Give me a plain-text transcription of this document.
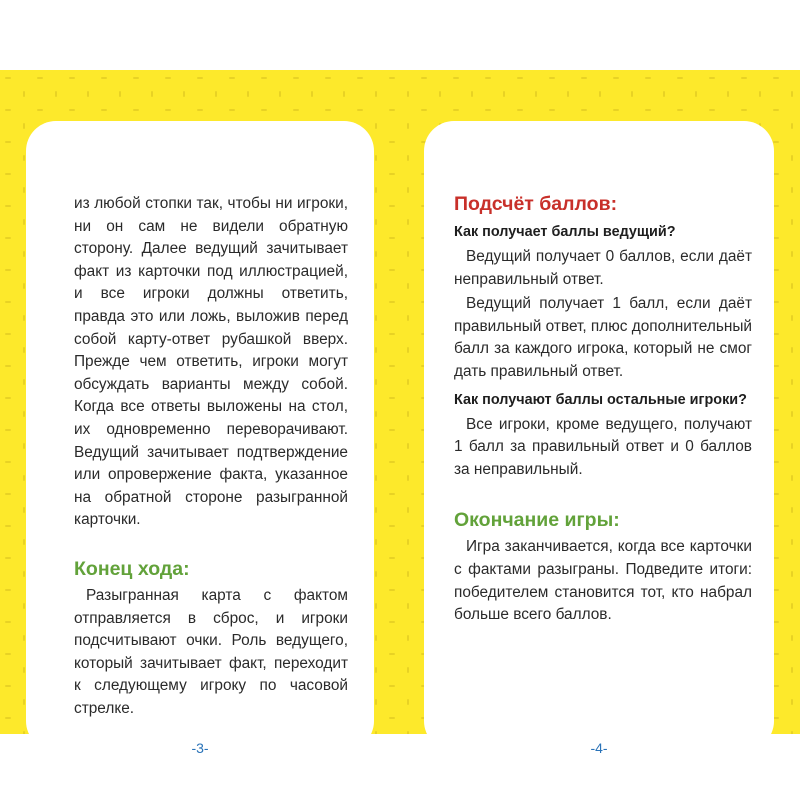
из любой стопки так, чтобы ни игроки, ни он сам не видели обратную сторону. Далее ведущий зачитывает факт из карточки под иллюстрацией, и все игроки должны ответить, правда это или ложь, выложив перед собой карту-ответ рубашкой вверх. Прежде чем ответить, игроки могут обсуждать варианты между собой. Когда все ответы выложены на стол, их одновременно переворачивают. Ведущий зачитывает подтверждение или опровержение факта, указанное на обратной стороне разыгранной карточки.

Конец хода:

Разыгранная карта с фактом отправляется в сброс, и игроки подсчитывают очки. Роль ведущего, который зачитывает факт, переходит к следующему игроку по часовой стрелке.

-3-

Подсчёт баллов:

Как получает баллы ведущий?

Ведущий получает 0 баллов, если даёт неправильный ответ.

Ведущий получает 1 балл, если даёт правильный ответ, плюс дополнительный балл за каждого игрока, который не смог дать правильный ответ.

Как получают баллы остальные игроки?

Все игроки, кроме ведущего, получают 1 балл за правильный ответ и 0 баллов за неправильный.

Окончание игры:

Игра заканчивается, когда все карточки с фактами разыграны. Подведите итоги: победителем становится тот, кто набрал больше всего баллов.

-4-
